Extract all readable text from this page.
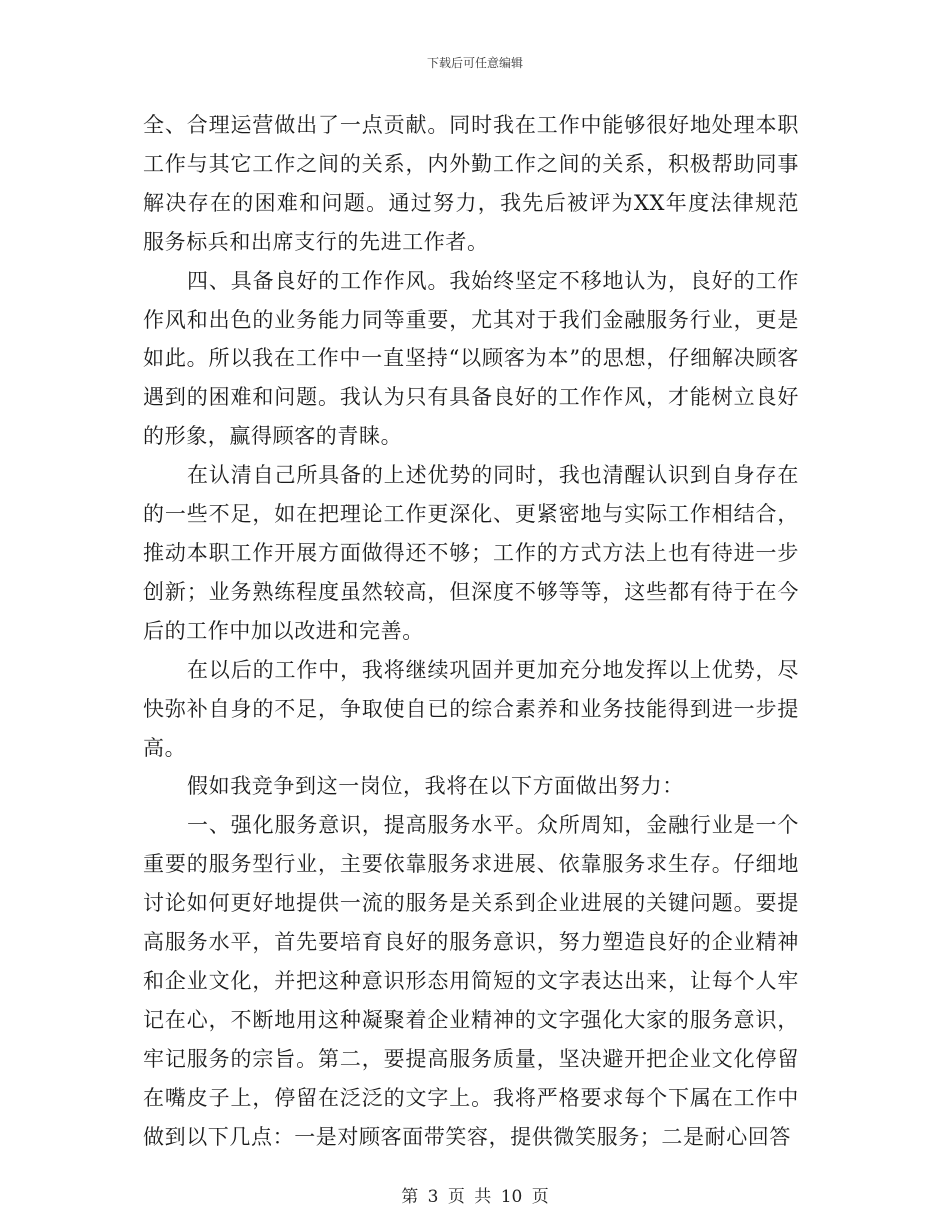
下载后可任意编辑

全、合理运营做出了一点贡献。同时我在工作中能够很好地处理本职工作与其它工作之间的关系，内外勤工作之间的关系，积极帮助同事解决存在的困难和问题。通过努力，我先后被评为XX年度法律规范服务标兵和出席支行的先进工作者。

四、具备良好的工作作风。我始终坚定不移地认为，良好的工作作风和出色的业务能力同等重要，尤其对于我们金融服务行业，更是如此。所以我在工作中一直坚持“以顾客为本”的思想，仔细解决顾客遇到的困难和问题。我认为只有具备良好的工作作风，才能树立良好的形象，赢得顾客的青睐。

在认清自己所具备的上述优势的同时，我也清醒认识到自身存在的一些不足，如在把理论工作更深化、更紧密地与实际工作相结合，推动本职工作开展方面做得还不够；工作的方式方法上也有待进一步创新；业务熟练程度虽然较高，但深度不够等等，这些都有待于在今后的工作中加以改进和完善。

在以后的工作中，我将继续巩固并更加充分地发挥以上优势，尽快弥补自身的不足，争取使自已的综合素养和业务技能得到进一步提高。

假如我竞争到这一岗位，我将在以下方面做出努力：

一、强化服务意识，提高服务水平。众所周知，金融行业是一个重要的服务型行业，主要依靠服务求进展、依靠服务求生存。仔细地讨论如何更好地提供一流的服务是关系到企业进展的关键问题。要提高服务水平，首先要培育良好的服务意识，努力塑造良好的企业精神和企业文化，并把这种意识形态用简短的文字表达出来，让每个人牢记在心，不断地用这种凝聚着企业精神的文字强化大家的服务意识，牢记服务的宗旨。第二，要提高服务质量，坚决避开把企业文化停留在嘴皮子上，停留在泛泛的文字上。我将严格要求每个下属在工作中做到以下几点：一是对顾客面带笑容，提供微笑服务；二是耐心回答

第 3 页 共 10 页
